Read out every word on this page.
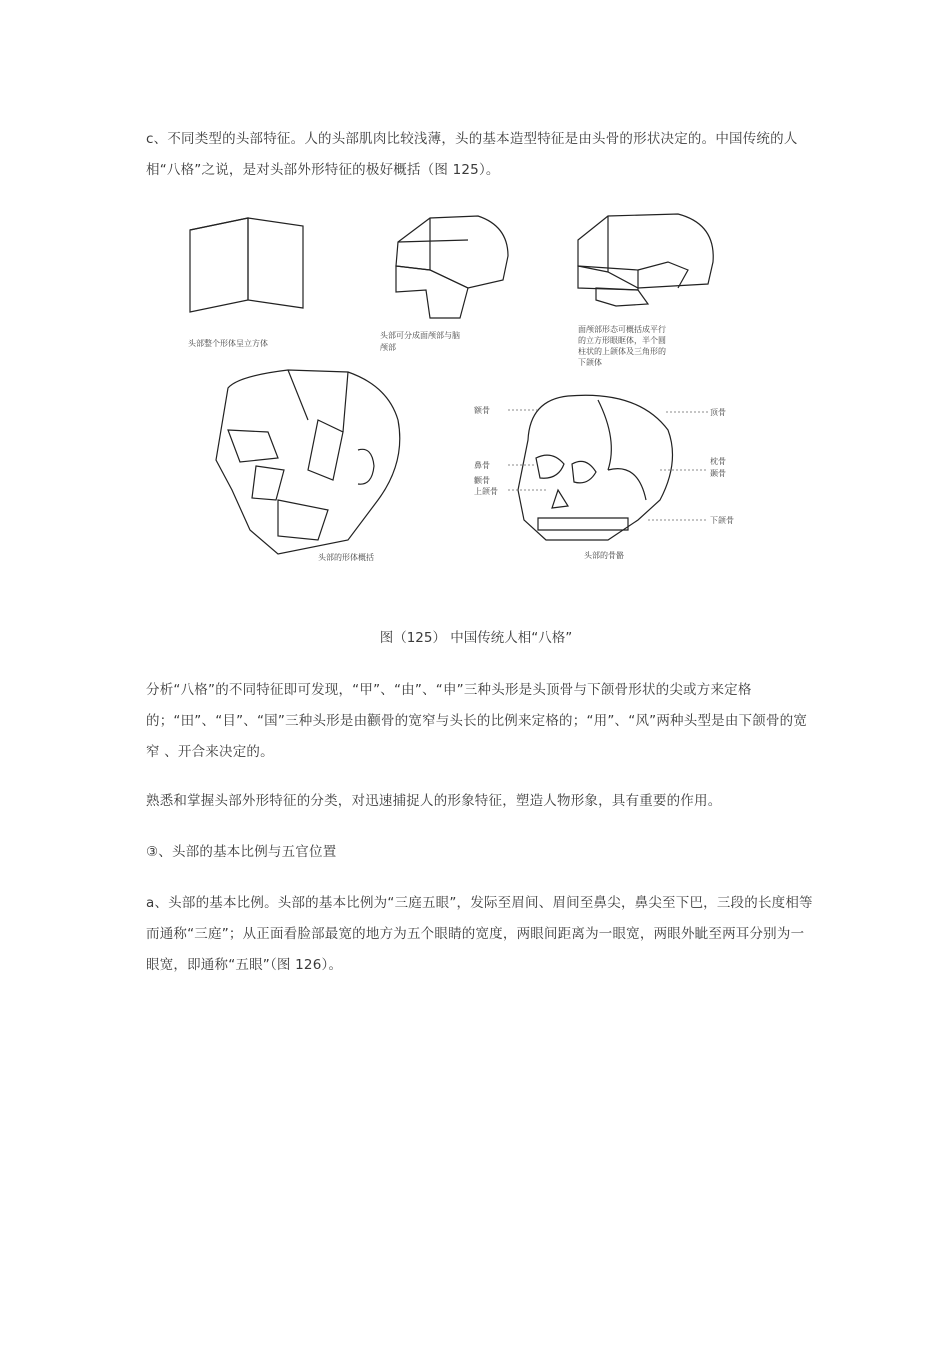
c、不同类型的头部特征。人的头部肌肉比较浅薄，头的基本造型特征是由头骨的形状决定的。中国传统的人相“八格”之说，是对头部外形特征的极好概括（图 125）。

头部整个形体呈立方体
头部可分成面颅部与脑
颅部
面颅部形态可概括成平行
的立方形眼眶体，半个圆
柱状的上颌体及三角形的
下颌体
额骨
鼻骨
颧骨
上颌骨
顶骨
枕骨
颞骨
下颌骨
头部的形体概括	头部的骨骼
图（125） 中国传统人相“八格”

分析“八格”的不同特征即可发现，“甲”、“由”、“申”三种头形是头顶骨与下颌骨形状的尖或方来定格的；“田”、“目”、“国”三种头形是由颧骨的宽窄与头长的比例来定格的；“用”、“风”两种头型是由下颌骨的宽窄 、开合来决定的。

熟悉和掌握头部外形特征的分类，对迅速捕捉人的形象特征，塑造人物形象，具有重要的作用。

③、头部的基本比例与五官位置

a、头部的基本比例。头部的基本比例为“三庭五眼”，发际至眉间、眉间至鼻尖，鼻尖至下巴，三段的长度相等而通称“三庭”；从正面看脸部最宽的地方为五个眼睛的宽度，两眼间距离为一眼宽，两眼外眦至两耳分别为一眼宽，即通称“五眼”（图 126）。
